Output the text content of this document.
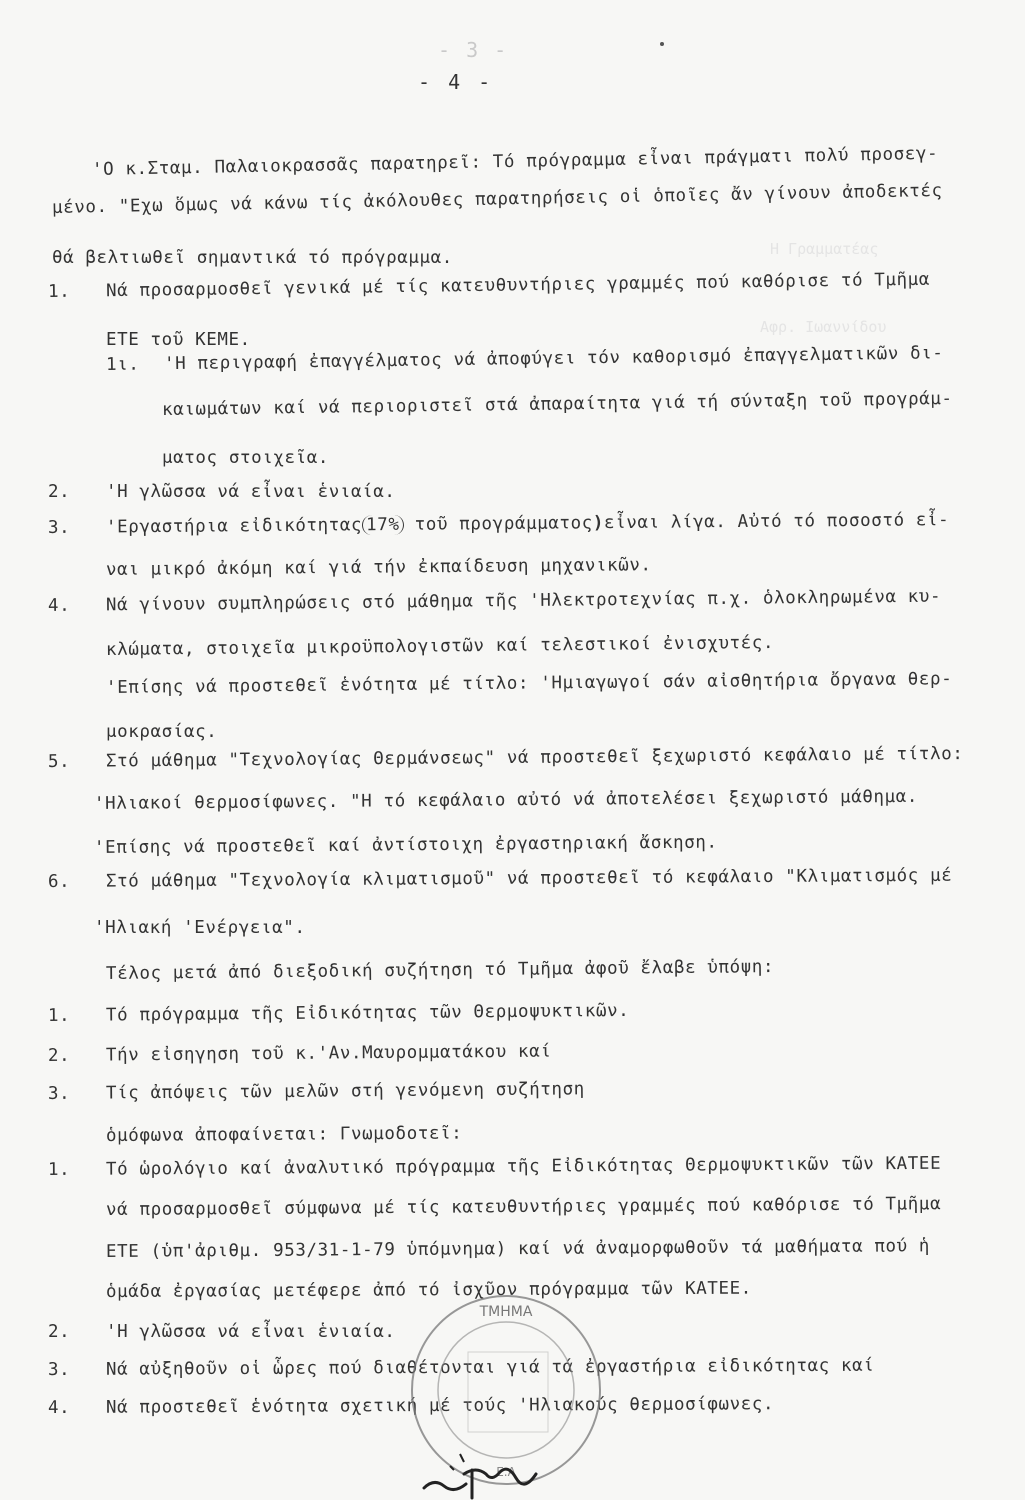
- 3 -
- 4 -
Η Γραμματέας
Αφρ. Ιωαννίδου
'Ο κ.Σταμ. Παλαιοκρασσᾶς παρατηρεῖ: Τό πρόγραμμα εἶναι πράγματι πολύ προσεγ-
μένο. "Εχω ὅμως νά κάνω τίς ἀκόλουθες παρατηρήσεις οἱ ὁποῖες ἄν γίνουν ἀποδεκτές
θά βελτιωθεῖ σημαντικά τό πρόγραμμα.
1. Νά προσαρμοσθεῖ γενικά μέ τίς κατευθυντήριες γραμμές πού καθόρισε τό Τμῆμα
ΕΤΕ τοῦ ΚΕΜΕ.
1ι. 'Η περιγραφή ἐπαγγέλματος νά ἀποφύγει τόν καθορισμό ἐπαγγελματικῶν δι-
καιωμάτων καί νά περιοριστεῖ στά ἀπαραίτητα γιά τή σύνταξη τοῦ προγράμ-
ματος στοιχεῖα.
2. 'Η γλῶσσα νά εἶναι ἑνιαία.
3. 'Εργαστήρια εἰδικότητας 17% τοῦ προγράμματος)εἶναι λίγα. Αὐτό τό ποσοστό εἶ-
ναι μικρό ἀκόμη καί γιά τήν ἐκπαίδευση μηχανικῶν.
4. Νά γίνουν συμπληρώσεις στό μάθημα τῆς 'Ηλεκτροτεχνίας π.χ. ὁλοκληρωμένα κυ-
κλώματα, στοιχεῖα μικροϋπολογιστῶν καί τελεστικοί ἐνισχυτές.
'Επίσης νά προστεθεῖ ἑνότητα μέ τίτλο: 'Ημιαγωγοί σάν αἰσθητήρια ὄργανα θερ-
μοκρασίας.
5. Στό μάθημα "Τεχνολογίας Θερμάνσεως" νά προστεθεῖ ξεχωριστό κεφάλαιο μέ τίτλο:
'Ηλιακοί θερμοσίφωνες. "Η τό κεφάλαιο αὐτό νά ἀποτελέσει ξεχωριστό μάθημα.
'Επίσης νά προστεθεῖ καί ἀντίστοιχη ἐργαστηριακή ἄσκηση.
6. Στό μάθημα "Τεχνολογία κλιματισμοῦ" νά προστεθεῖ τό κεφάλαιο "Κλιματισμός μέ
'Ηλιακή 'Ενέργεια".
Τέλος μετά ἀπό διεξοδική συζήτηση τό Τμῆμα ἀφοῦ ἔλαβε ὑπόψη:
1. Τό πρόγραμμα τῆς Εἰδικότητας τῶν Θερμοψυκτικῶν.
2. Τήν εἰσηγηση τοῦ κ.'Αν.Μαυρομματάκου καί
3. Τίς ἀπόψεις τῶν μελῶν στή γενόμενη συζήτηση
ὁμόφωνα ἀποφαίνεται: Γνωμοδοτεῖ:
1. Τό ὡρολόγιο καί ἀναλυτικό πρόγραμμα τῆς Εἰδικότητας Θερμοψυκτικῶν τῶν ΚΑΤΕΕ
νά προσαρμοσθεῖ σύμφωνα μέ τίς κατευθυντήριες γραμμές πού καθόρισε τό Τμῆμα
ΕΤΕ (ὑπ'ἀριθμ. 953/31-1-79 ὑπόμνημα) καί νά ἀναμορφωθοῦν τά μαθήματα πού ἡ
ὁμάδα ἐργασίας μετέφερε ἀπό τό ἰσχῦον πρόγραμμα τῶν ΚΑΤΕΕ.
2. 'Η γλῶσσα νά εἶναι ἑνιαία.
3. Νά αὐξηθοῦν οἱ ὧρες πού διαθέτονται γιά τά ἐργαστήρια εἰδικότητας καί
4. Νά προστεθεῖ ἑνότητα σχετική μέ τούς 'Ηλιακούς θερμοσίφωνες.
ΤΜΗΜΑ
Ε.Α
